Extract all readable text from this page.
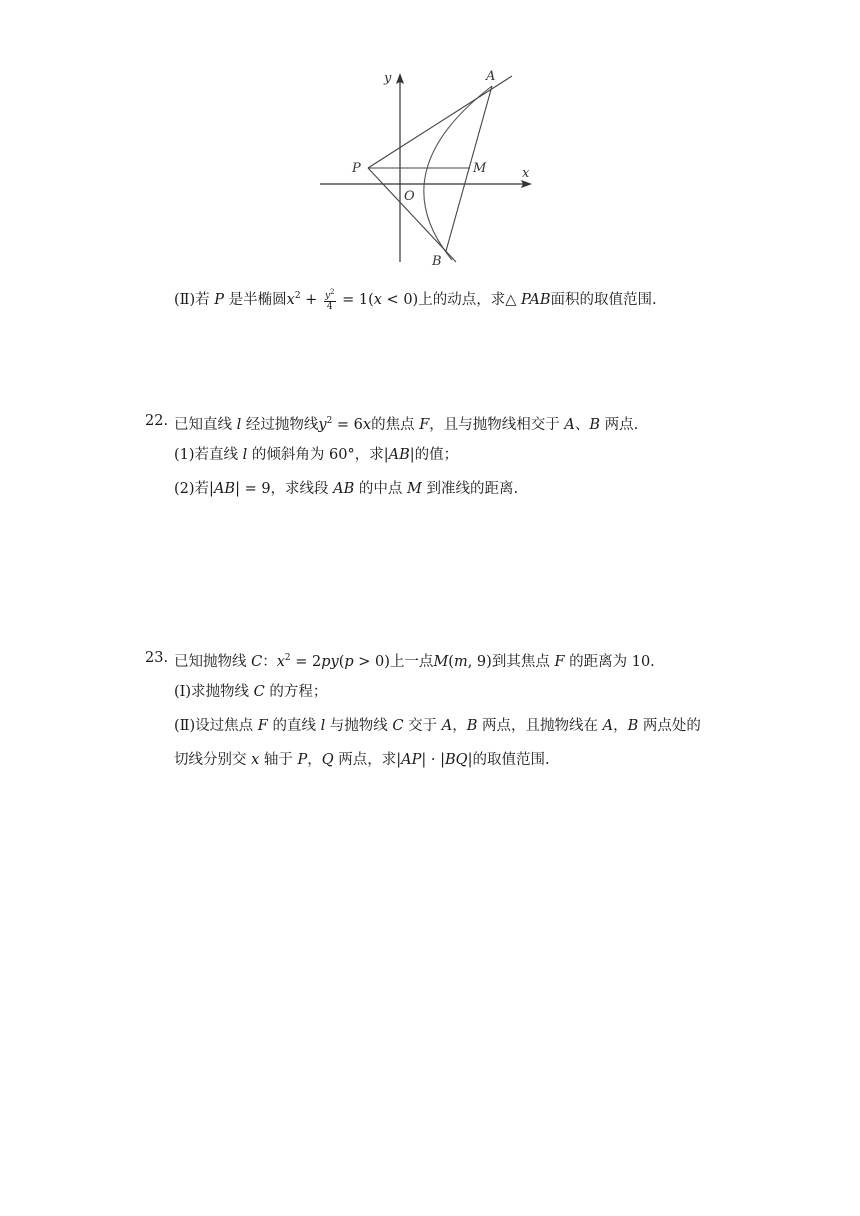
y
x
A
B
P	M
O
(Ⅱ)若 P 是半椭圆$x^2 + \frac{y^2}{4} = 1(x < 0)$上的动点，求△ PAB面积的取值范围.
22. 已知直线 l 经过抛物线$y^2 = 6x$的焦点 F，且与抛物线相交于 A、B 两点.
(1)若直线 l 的倾斜角为 60°，求|AB|的值；
(2)若|AB| = 9，求线段 AB 的中点 M 到准线的距离.
23. 已知抛物线 C：$x^2 = 2py(p > 0)$上一点M(m, 9)到其焦点 F 的距离为 10.
(Ⅰ)求抛物线 C 的方程；
(Ⅱ)设过焦点 F 的直线 l 与抛物线 C 交于 A，B 两点，且抛物线在 A，B 两点处的
切线分别交 x 轴于 P，Q 两点，求|AP| · |BQ|的取值范围.
